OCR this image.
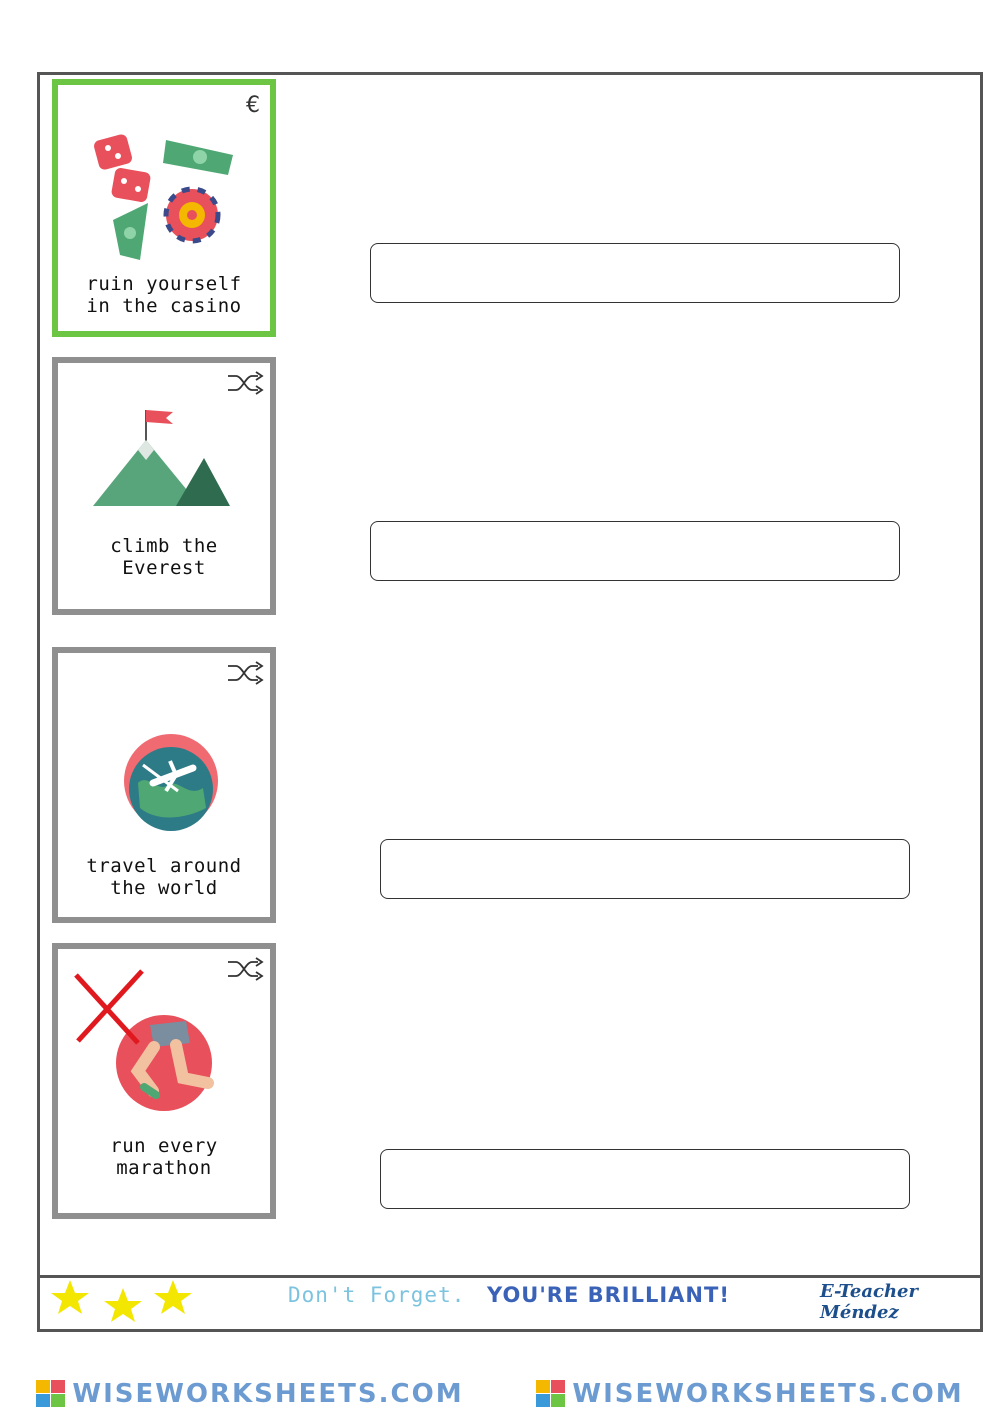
€
ruin yourself
in the casino
climb the
Everest
travel around
the world
run every
marathon
Don't Forget. YOU'RE BRILLIANT!	E-Teacher Méndez
WISEWORKSHEETS.COM	WISEWORKSHEETS.COM
